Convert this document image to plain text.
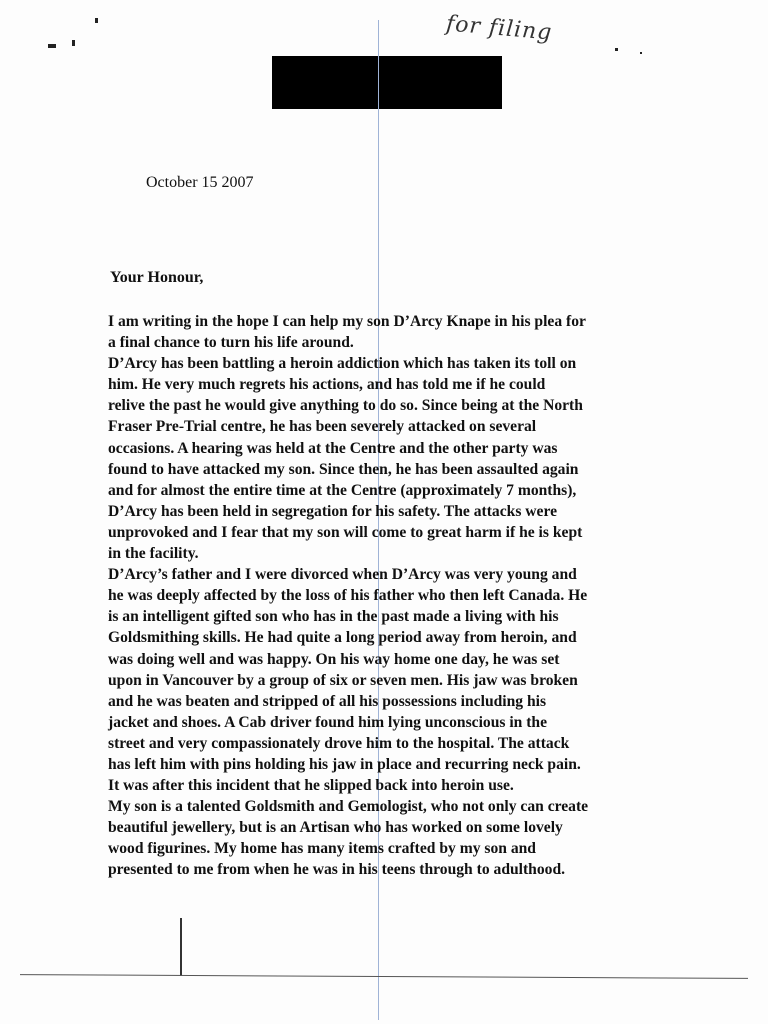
for filing
October 15 2007
Your Honour,

I am writing in the hope I can help my son D’Arcy Knape in his plea for
a final chance to turn his life around.

D’Arcy has been battling a heroin addiction which has taken its toll on
him. He very much regrets his actions, and has told me if he could
relive the past he would give anything to do so. Since being at the North
Fraser Pre-Trial centre, he has been severely attacked on several
occasions. A hearing was held at the Centre and the other party was
found to have attacked my son. Since then, he has been assaulted again
and for almost the entire time at the Centre (approximately 7 months),
D’Arcy has been held in segregation for his safety. The attacks were
unprovoked and I fear that my son will come to great harm if he is kept
in the facility.

D’Arcy’s father and I were divorced when D’Arcy was very young and
he was deeply affected by the loss of his father who then left Canada. He
is an intelligent gifted son who has in the past made a living with his
Goldsmithing skills. He had quite a long period away from heroin, and
was doing well and was happy. On his way home one day, he was set
upon in Vancouver by a group of six or seven men. His jaw was broken
and he was beaten and stripped of all his possessions including his
jacket and shoes. A Cab driver found him lying unconscious in the
street and very compassionately drove him to the hospital. The attack
has left him with pins holding his jaw in place and recurring neck pain.
It was after this incident that he slipped back into heroin use.

My son is a talented Goldsmith and Gemologist, who not only can create
beautiful jewellery, but is an Artisan who has worked on some lovely
wood figurines. My home has many items crafted by my son and
presented to me from when he was in his teens through to adulthood.
